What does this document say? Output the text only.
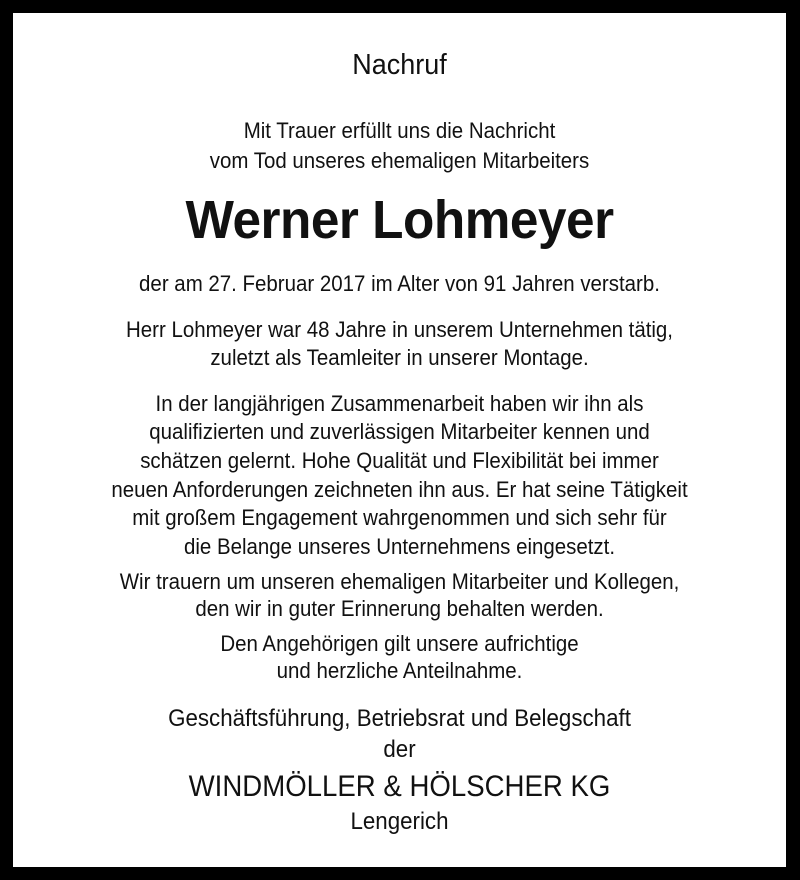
Nachruf
Mit Trauer erfüllt uns die Nachricht
vom Tod unseres ehemaligen Mitarbeiters
Werner Lohmeyer
der am 27. Februar 2017 im Alter von 91 Jahren verstarb.
Herr Lohmeyer war 48 Jahre in unserem Unternehmen tätig,
zuletzt als Teamleiter in unserer Montage.
In der langjährigen Zusammenarbeit haben wir ihn als
qualifizierten und zuverlässigen Mitarbeiter kennen und
schätzen gelernt. Hohe Qualität und Flexibilität bei immer
neuen Anforderungen zeichneten ihn aus. Er hat seine Tätigkeit
mit großem Engagement wahrgenommen und sich sehr für
die Belange unseres Unternehmens eingesetzt.
Wir trauern um unseren ehemaligen Mitarbeiter und Kollegen,
den wir in guter Erinnerung behalten werden.
Den Angehörigen gilt unsere aufrichtige
und herzliche Anteilnahme.
Geschäftsführung, Betriebsrat und Belegschaft
der
WINDMÖLLER & HÖLSCHER KG
Lengerich
